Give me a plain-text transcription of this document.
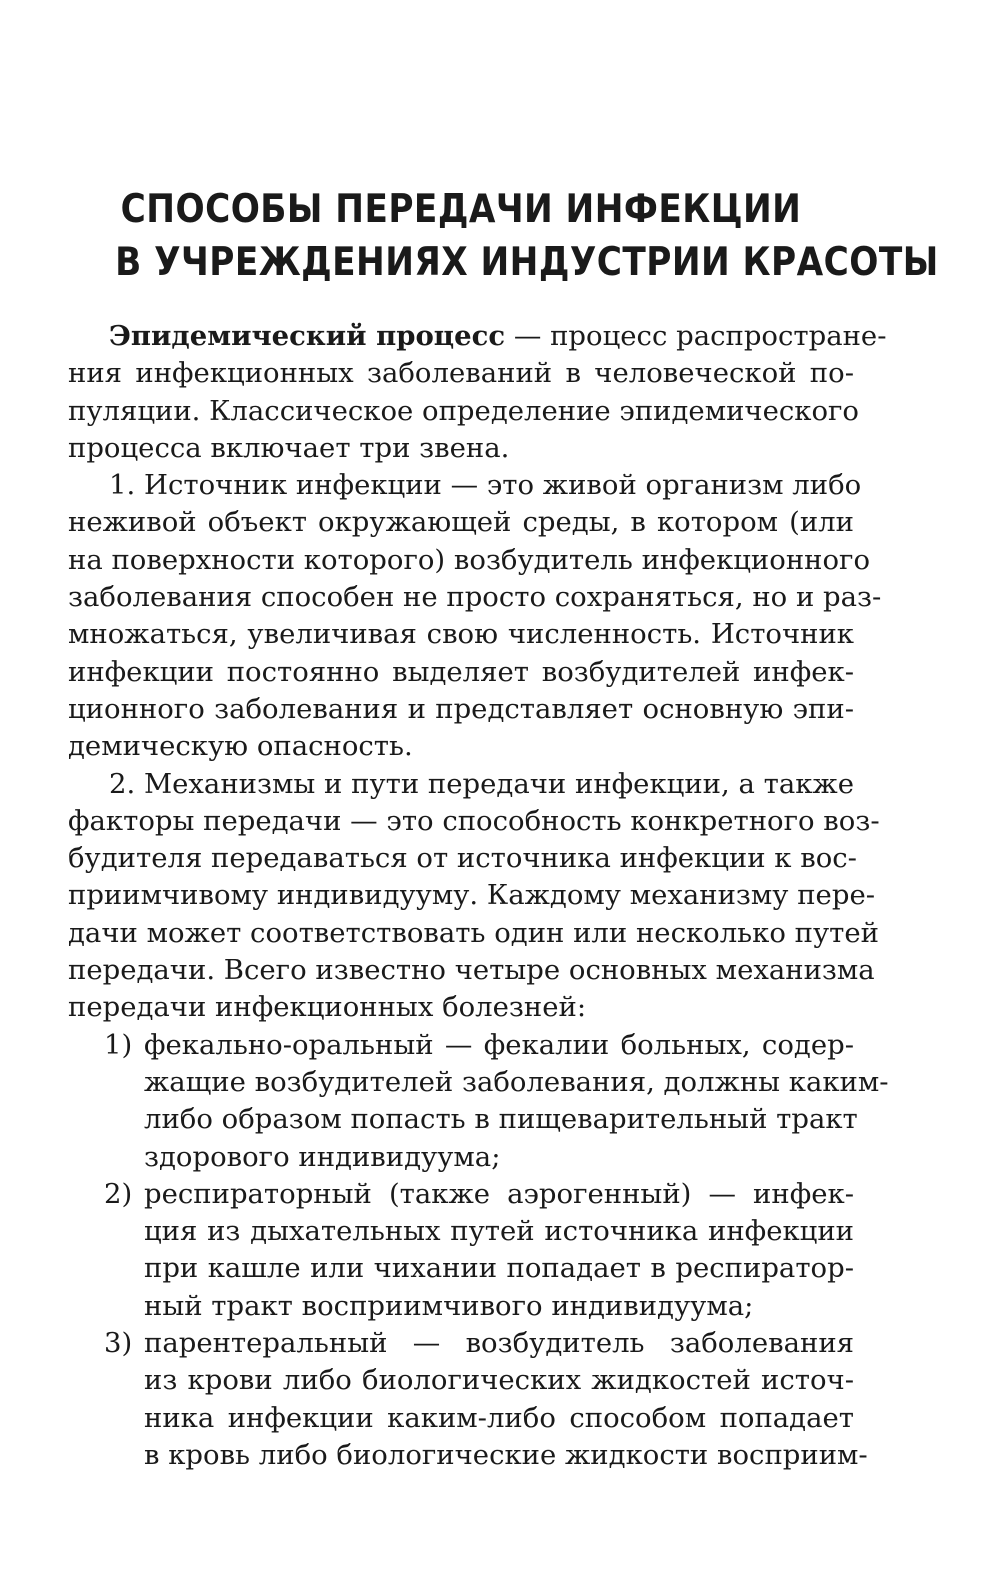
СПОСОБЫ ПЕРЕДАЧИ ИНФЕКЦИИ
В УЧРЕЖДЕНИЯХ ИНДУСТРИИ КРАСОТЫ
Эпидемический процесс — процесс распростране-
ния инфекционных заболеваний в человеческой по-
пуляции. Классическое определение эпидемического
процесса включает три звена.
1. Источник инфекции — это живой организм либо
неживой объект окружающей среды, в котором (или
на поверхности которого) возбудитель инфекционного
заболевания способен не просто сохраняться, но и раз-
множаться, увеличивая свою численность. Источник
инфекции постоянно выделяет возбудителей инфек-
ционного заболевания и представляет основную эпи-
демическую опасность.
2. Механизмы и пути передачи инфекции, а также
факторы передачи — это способность конкретного воз-
будителя передаваться от источника инфекции к вос-
приимчивому индивидууму. Каждому механизму пере-
дачи может соответствовать один или несколько путей
передачи. Всего известно четыре основных механизма
передачи инфекционных болезней:
1) фекально-оральный — фекалии больных, содер-
жащие возбудителей заболевания, должны каким-
либо образом попасть в пищеварительный тракт
здорового индивидуума;
2) респираторный (также аэрогенный) — инфек-
ция из дыхательных путей источника инфекции
при кашле или чихании попадает в респиратор-
ный тракт восприимчивого индивидуума;
3) парентеральный — возбудитель заболевания
из крови либо биологических жидкостей источ-
ника инфекции каким-либо способом попадает
в кровь либо биологические жидкости восприим-
